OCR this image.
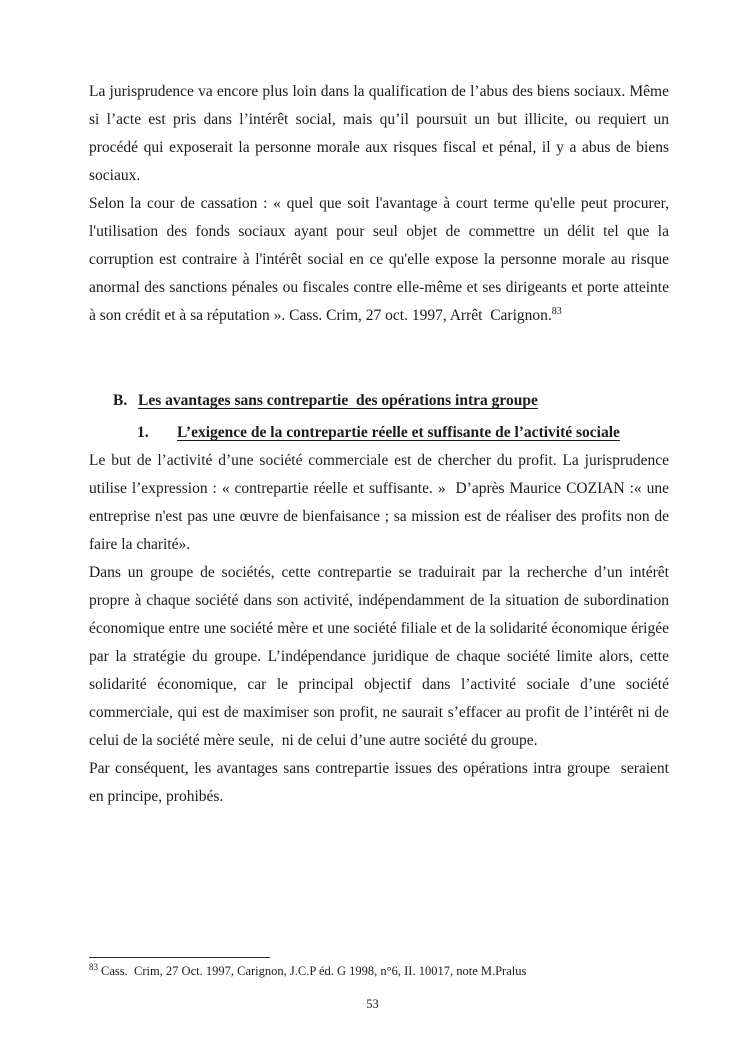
La jurisprudence va encore plus loin dans la qualification de l’abus des biens sociaux. Même si l’acte est pris dans l’intérêt social, mais qu’il poursuit un but illicite, ou requiert un procédé qui exposerait la personne morale aux risques fiscal et pénal, il y a abus de biens sociaux.

Selon la cour de cassation : « quel que soit l'avantage à court terme qu'elle peut procurer, l'utilisation des fonds sociaux ayant pour seul objet de commettre un délit tel que la corruption est contraire à l'intérêt social en ce qu'elle expose la personne morale au risque anormal des sanctions pénales ou fiscales contre elle-même et ses dirigeants et porte atteinte à son crédit et à sa réputation ». Cass. Crim, 27 oct. 1997, Arrêt  Carignon.$^{83}$

B. Les avantages sans contrepartie  des opérations intra groupe
1.	L’exigence de la contrepartie réelle et suffisante de l’activité sociale

Le but de l’activité d’une société commerciale est de chercher du profit. La jurisprudence utilise l’expression : « contrepartie réelle et suffisante. »  D’après Maurice COZIAN :« une entreprise n'est pas une œuvre de bienfaisance ; sa mission est de réaliser des profits non de faire la charité».

Dans un groupe de sociétés, cette contrepartie se traduirait par la recherche d’un intérêt propre à chaque société dans son activité, indépendamment de la situation de subordination économique entre une société mère et une société filiale et de la solidarité économique érigée par la stratégie du groupe. L’indépendance juridique de chaque société limite alors, cette solidarité économique, car le principal objectif dans l’activité sociale d’une société commerciale, qui est de maximiser son profit, ne saurait s’effacer au profit de l’intérêt ni de celui de la société mère seule,  ni de celui d’une autre société du groupe.

Par conséquent, les avantages sans contrepartie issues des opérations intra groupe  seraient  en principe, prohibés.

$^{83}$ Cass.  Crim, 27 Oct. 1997, Carignon, J.C.P éd. G 1998, n°6, II. 10017, note M.Pralus
53
